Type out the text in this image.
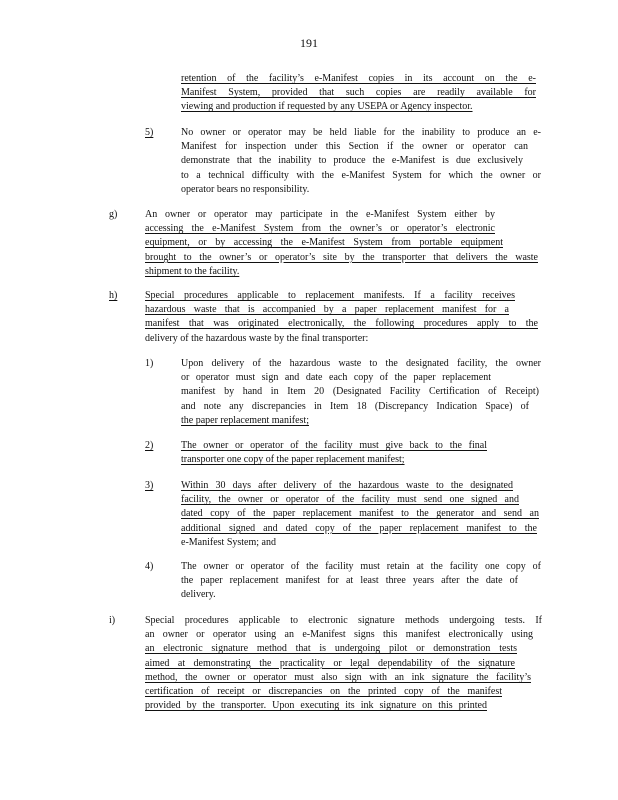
191
retention of the facility’s e-Manifest copies in its account on the e-
Manifest System, provided that such copies are readily available for
viewing and production if requested by any USEPA or Agency inspector.
5)	No owner or operator may be held liable for the inability to produce an e-
Manifest for inspection under this Section if the owner or operator can
demonstrate that the inability to produce the e-Manifest is due exclusively
to a technical difficulty with the e-Manifest System for which the owner or
operator bears no responsibility.
g)	An owner or operator may participate in the e-Manifest System either by
accessing the e-Manifest System from the owner’s or operator’s electronic
equipment, or by accessing the e-Manifest System from portable equipment
brought to the owner’s or operator’s site by the transporter that delivers the waste
shipment to the facility.
h)	Special procedures applicable to replacement manifests. If a facility receives
hazardous waste that is accompanied by a paper replacement manifest for a
manifest that was originated electronically, the following procedures apply to the
delivery of the hazardous waste by the final transporter:
1)	Upon delivery of the hazardous waste to the designated facility, the owner
or operator must sign and date each copy of the paper replacement
manifest by hand in Item 20 (Designated Facility Certification of Receipt)
and note any discrepancies in Item 18 (Discrepancy Indication Space) of
the paper replacement manifest;
2)	The owner or operator of the facility must give back to the final
transporter one copy of the paper replacement manifest;
3)	Within 30 days after delivery of the hazardous waste to the designated
facility, the owner or operator of the facility must send one signed and
dated copy of the paper replacement manifest to the generator and send an
additional signed and dated copy of the paper replacement manifest to the
e-Manifest System; and
4)	The owner or operator of the facility must retain at the facility one copy of
the paper replacement manifest for at least three years after the date of
delivery.
i)	Special procedures applicable to electronic signature methods undergoing tests. If
an owner or operator using an e-Manifest signs this manifest electronically using
an electronic signature method that is undergoing pilot or demonstration tests
aimed at demonstrating the practicality or legal dependability of the signature
method, the owner or operator must also sign with an ink signature the facility’s
certification of receipt or discrepancies on the printed copy of the manifest
provided by the transporter. Upon executing its ink signature on this printed
